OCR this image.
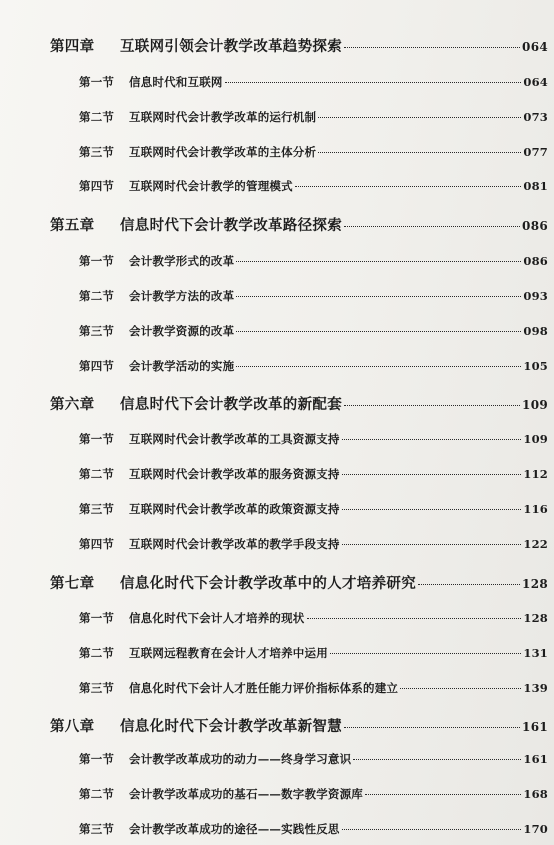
第四章 互联网引领会计教学改革趋势探索	064
第一节 信息时代和互联网	064
第二节 互联网时代会计教学改革的运行机制	073
第三节 互联网时代会计教学改革的主体分析	077
第四节 互联网时代会计教学的管理模式	081
第五章 信息时代下会计教学改革路径探索	086
第一节 会计教学形式的改革	086
第二节 会计教学方法的改革	093
第三节 会计教学资源的改革	098
第四节 会计教学活动的实施	105
第六章 信息时代下会计教学改革的新配套	109
第一节 互联网时代会计教学改革的工具资源支持	109
第二节 互联网时代会计教学改革的服务资源支持	112
第三节 互联网时代会计教学改革的政策资源支持	116
第四节 互联网时代会计教学改革的教学手段支持	122
第七章 信息化时代下会计教学改革中的人才培养研究	128
第一节 信息化时代下会计人才培养的现状	128
第二节 互联网远程教育在会计人才培养中运用	131
第三节 信息化时代下会计人才胜任能力评价指标体系的建立	139
第八章 信息化时代下会计教学改革新智慧	161
第一节 会计教学改革成功的动力——终身学习意识	161
第二节 会计教学改革成功的基石——数字教学资源库	168
第三节 会计教学改革成功的途径——实践性反思	170
